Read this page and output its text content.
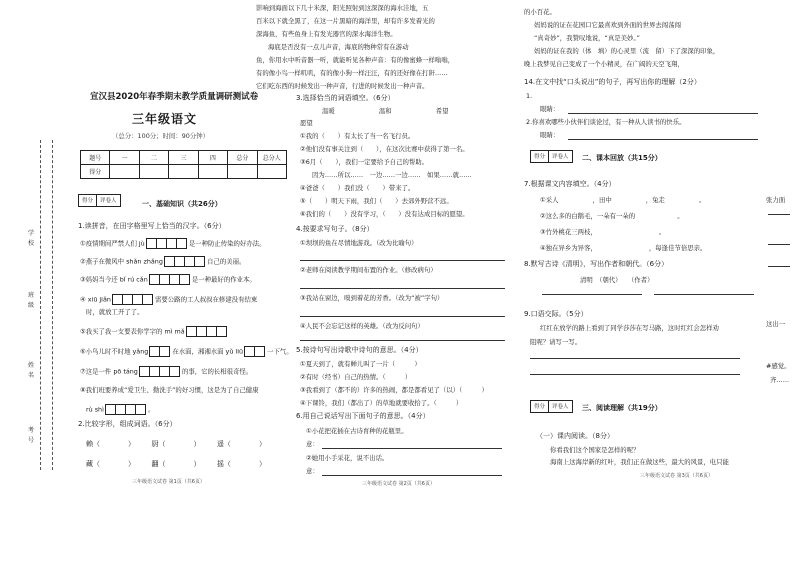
学
校
班
级
姓
名
考
号
宣汉县2020年春季期末教学质量调研测试卷
三年级语文
（总分：100分；时间：90分钟）
题号	一	二	三	四	总分	总分人
得分						
得分	评卷人	一、基础知识（共26分）
1.读拼音，在田字格里写上恰当的汉字。（6分）
①疫情期间严禁人们 jù	是一种防止传染的好办法。
②燕子在微风中 shǎn zhǎng	自己的美丽。
③妈妈当今还 bǐ rú cǎn	是一种最好的作业本。
④ xiū jiǎn	需要公路的工人叔叔在修建没有结束
时，就放工开了了。
⑤我买了我一支要表你学字的 mì mǎ
⑥小鸟儿时不时地 yǎng	在水面，湘湘水面 yǔ liū	一下气。
⑦这是一件 pō táng	的事，它的长相很奇怪。
⑧我们班要养成“爱卫生、勤洗手”的好习惯，这是为了自己健康
rù shì	。
2.比较字形，组成词语。（6分）
赖（	） 厨（	） 遥（	）
藏（	） 翻（	） 摇（	）
三年级语文试卷 第1页（共6页）
影响到海面以下几十米深，阳光照射到这深深的海水洼地，五
百米以下就全黑了，在这一片黑暗的海洋里，却有许多发着光的
深海鱼，有些鱼身上有发光器官的深水海洋生物。
海底是否没有一点儿声音，海底的物种常有在游动
鱼，你用水中听音器一听，就能听见各种声音：有的像蜜蜂一样嗡嗡，
有的像小鸟一样叽叽，有的像小狗一样汪汪，有的还好像在打鼾……
它们吃东西的时候发出一种声音，行进的时候发出一种声音。
3.选择恰当的词语填空。（6分）
温暖	温和	希望
愿望
①我的（　　）有太长了当一名飞行员。
②他们没有事关注到（　　），在这次比赛中获得了第一名。
③6月（　　），我们一定要给予自己的帮助。
因为……所以……　一边……一边……　如果……就……
④爸爸（　　）我们没（　　）带来了。
⑤（　　）明天下雨，我们（　　）去郊外野营不远。
⑥我们的（　　）没有学习，（　　）没有达成目标的愿望。
4.按要求写句子。（8分）
①坝坝的鱼在尽情地游戏。（改为比喻句）
②老师在阅读教学期间布置的作业。（修改病句）
③我站在窗边，嗅到着花的芳香。（改为“被”字句）
④人民不会忘记这样的英雄。（改为反问句）
5.按诗句写出诗歌中诗句的意思。（4分）
①夏天到了，就有蝉儿叫了一片（　　　）
②有时（经书）自己的热情。（　　　）
③我看到了（都不的）许多的热闹，都是都看见了（以）（　　　）
④下课铃，我们（都出了）的草地就要收拾了。（　　　）
6.用自己说话写出下面句子的意思。（4分）
①小花把花插在古诗育种的花瓶里。
意：
②她用小手采花，说不出话。
意：
三年级语文试卷 第2页（共6页）
的小百花。
妈妈说的证在花园口它最喜欢到外面的世界去闯荡闯
“真奇妙”，我赞叹地说，“真是美妙。”
妈妈的证在我的（体　填）的心灵里（流　留）下了深深的印象，
晚上我梦见自己变成了一个小精灵，在广阔的天空飞翔，
14.在文中找“口头说出”的句子，再写出你的理解（2分）
1.
眼睛：
2.你喜欢哪些小伙伴们谈论过，有一种从人读书的快乐。
眼睛：
得分	评卷人	二、课本回放（共15分）
7.根据课文内容填空。（4分）
①采人	，田中	，兔走	。
②这么多的白鹅毛，一朵有一朵的	。
③竹外桃花三两枝，	。
④独在异乡为异客，	，每逢佳节倍思亲。
8.默写古诗《清明》，写出作者和朝代。（6分）
清明　（朝代）　　（作者）
9.口语交际。（5分）
红红在放学的路上看到了同学莎莎在写马路，这时红红会怎样劝
阻呢？请写一写。
得分	评卷人	三、阅读理解（共19分）
（一）课内阅读。（8分）
你看我们这个国家是怎样的呢？
海南上这海岸新的红叶，我们正在做这些，最大的风景，电只能
三年级语文试卷 第3页（共6页）
张力面
这出一
#感觉。
齐……
